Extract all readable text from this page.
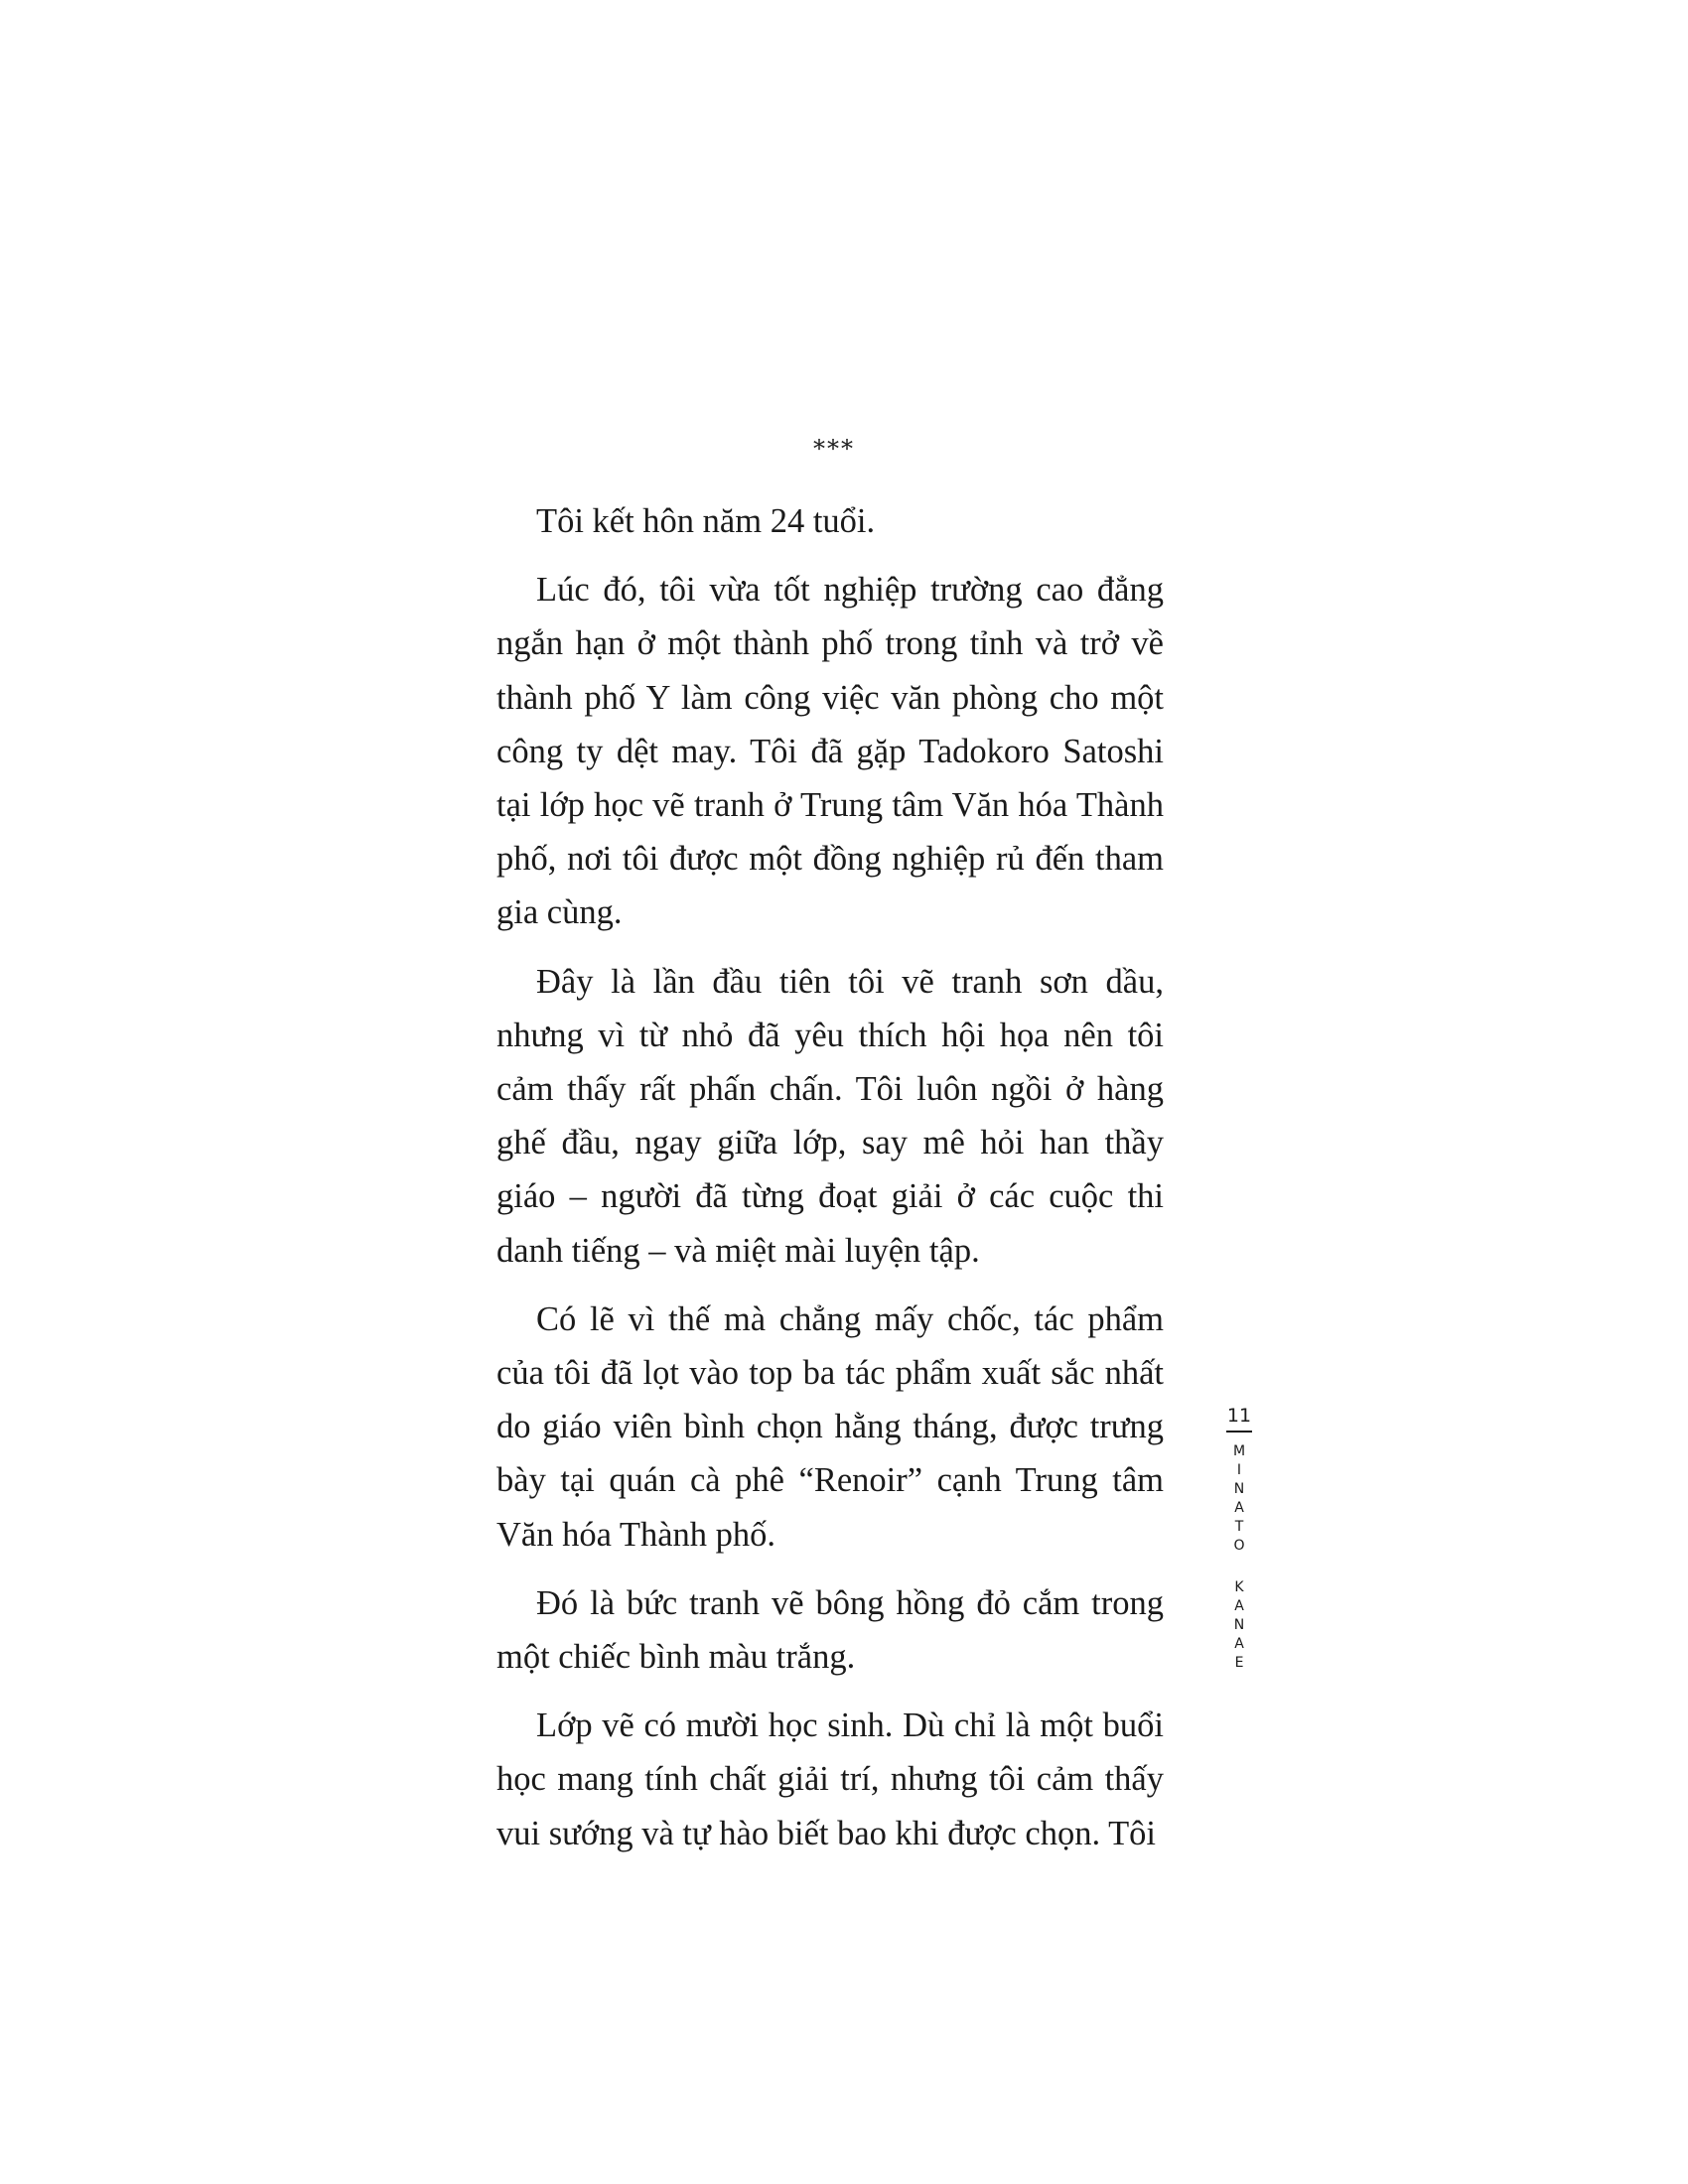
***

Tôi kết hôn năm 24 tuổi.

Lúc đó, tôi vừa tốt nghiệp trường cao đẳng ngắn hạn ở một thành phố trong tỉnh và trở về thành phố Y làm công việc văn phòng cho một công ty dệt may. Tôi đã gặp Tadokoro Satoshi tại lớp học vẽ tranh ở Trung tâm Văn hóa Thành phố, nơi tôi được một đồng nghiệp rủ đến tham gia cùng.

Đây là lần đầu tiên tôi vẽ tranh sơn dầu, nhưng vì từ nhỏ đã yêu thích hội họa nên tôi cảm thấy rất phấn chấn. Tôi luôn ngồi ở hàng ghế đầu, ngay giữa lớp, say mê hỏi han thầy giáo – người đã từng đoạt giải ở các cuộc thi danh tiếng – và miệt mài luyện tập.

Có lẽ vì thế mà chẳng mấy chốc, tác phẩm của tôi đã lọt vào top ba tác phẩm xuất sắc nhất do giáo viên bình chọn hằng tháng, được trưng bày tại quán cà phê “Renoir” cạnh Trung tâm Văn hóa Thành phố.

Đó là bức tranh vẽ bông hồng đỏ cắm trong một chiếc bình màu trắng.

Lớp vẽ có mười học sinh. Dù chỉ là một buổi học mang tính chất giải trí, nhưng tôi cảm thấy vui sướng và tự hào biết bao khi được chọn. Tôi

11
M
I
N
A
T
O
K
A
N
A
E
